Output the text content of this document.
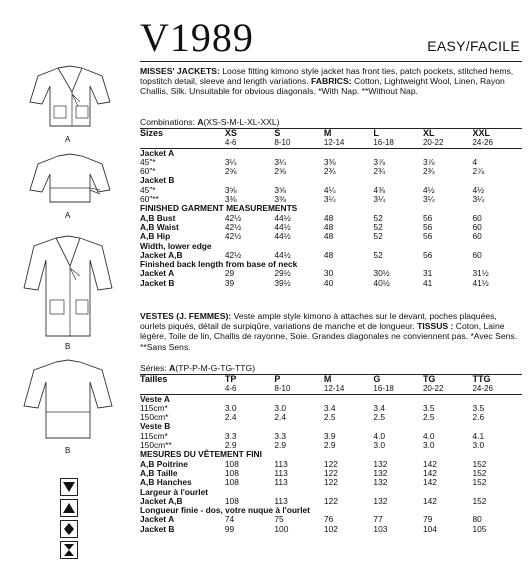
V1989	EASY/FACILE
MISSES' JACKETS: Loose fitting kimono style jacket has front ties, patch pockets, stitched hems, topstitch detail, sleeve and length variations. FABRICS: Cotton, Lightweight Wool, Linen, Rayon Challis, Silk. Unsuitable for obvious diagonals. *With Nap. **Without Nap.
Combinations: A(XS-S-M-L-XL-XXL)
Sizes	XS	S	M	L	XL	XXL
	4-6	8-10	12-14	16-18	20-22	24-26
Jacket A						
45"*	3¼	3¼	3⅜	3⅞	3⅞	4
60"*	2⅝	2⅝	2¾	2¾	2¾	2⅞
Jacket B						
45"*	3⅝	3⅝	4¼	4⅜	4½	4½
60"**	3⅜	3⅜	3¼	3¼	3¼	3¼
FINISHED GARMENT MEASUREMENTS						
A,B Bust	42½	44½	48	52	56	60
A,B Waist	42½	44½	48	52	56	60
A,B Hip	42½	44½	48	52	56	60
Width, lower edge						
Jacket A,B	42½	44½	48	52	56	60
Finished back length from base of neck						
Jacket A	29	29½	30	30½	31	31½
Jacket B	39	39½	40	40½	41	41½
VESTES (J. FEMMES): Veste ample style kimono à attaches sur le devant, poches plaquées, ourlets piqués, détail de surpiqûre, variations de manche et de longueur. TISSUS : Coton, Laine légère, Toile de lin, Challis de rayonne, Soie. Grandes diagonales ne conviennent pas. *Avec Sens. **Sans Sens.
Séries: A(TP-P-M-G-TG-TTG)
Tailles	TP	P	M	G	TG	TTG
	4-6	8-10	12-14	16-18	20-22	24-26
Veste A						
115cm*	3.0	3.0	3.4	3.4	3.5	3.5
150cm*	2.4	2.4	2.5	2.5	2.5	2.6
Veste B						
115cm*	3.3	3.3	3.9	4.0	4.0	4.1
150cm**	2.9	2.9	2.9	3.0	3.0	3.0
MESURES DU VÊTEMENT FINI						
A,B Poitrine	108	113	122	132	142	152
A,B Taille	108	113	122	132	142	152
A,B Hanches	108	113	122	132	142	152
Largeur à l'ourlet						
Jacket A,B	108	113	122	132	142	152
Longueur finie - dos, votre nuque à l'ourlet						
Jacket A	74	75	76	77	79	80
Jacket B	99	100	102	103	104	105
A
A
B
B
